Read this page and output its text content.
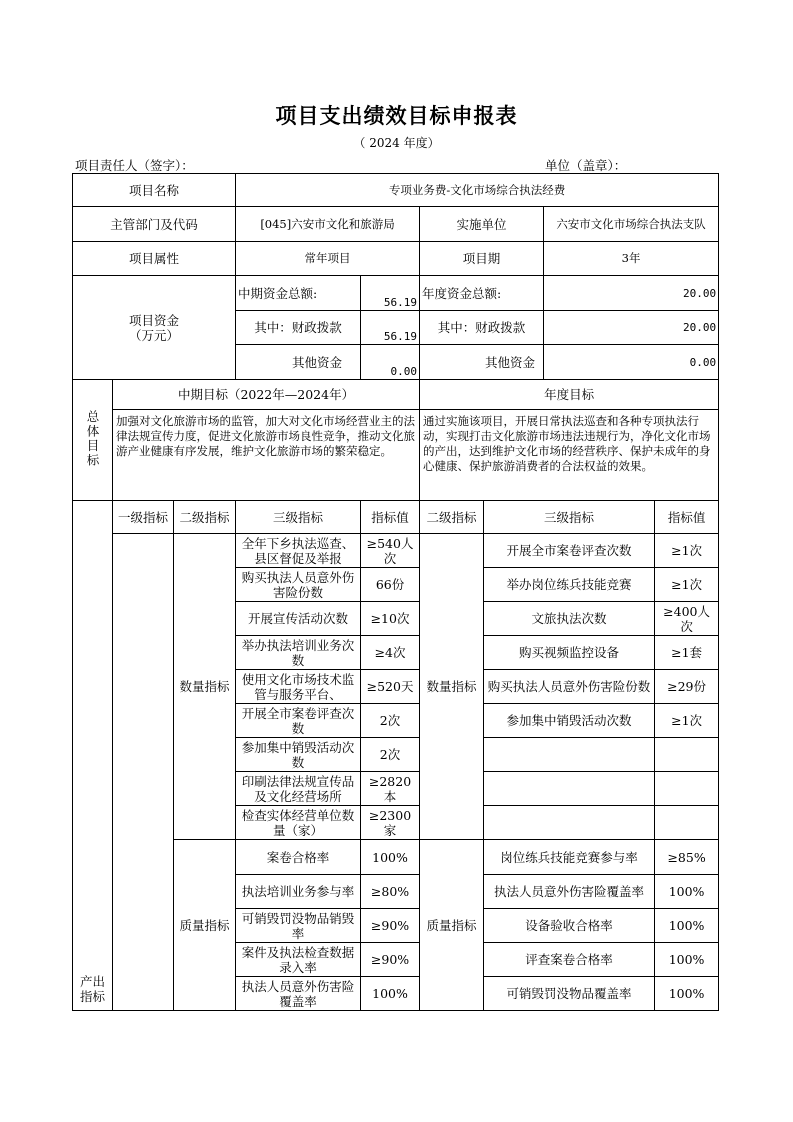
项目支出绩效目标申报表
（ 2024 年度）
项目责任人（签字）：	单位（盖章）：
项目名称			专项业务费-文化市场综合执法经费					
主管部门及代码			[045]六安市文化和旅游局		实施单位		六安市文化市场综合执法支队	
项目属性			常年项目		项目期		3年	
项目资金
（万元）			中期资金总额:	56.19	年度资金总额:		20.00	
			其中：财政拨款	56.19	其中：财政拨款		20.00	
			其他资金	0.00	其他资金		0.00	
总体目标	中期目标（2022年—2024年）				年度目标			
	加强对文化旅游市场的监管，加大对文化市场经营业主的法律法规宣传力度，促进文化旅游市场良性竞争，推动文化旅游产业健康有序发展，维护文化旅游市场的繁荣稳定。				通过实施该项目，开展日常执法巡查和各种专项执法行动，实现打击文化旅游市场违法违规行为，净化文化市场的产出，达到维护文化市场的经营秩序、保护未成年的身心健康、保护旅游消费者的合法权益的效果。			
产出指标	一级指标	二级指标	三级指标	指标值	二级指标	三级指标		指标值
		数量指标	全年下乡执法巡查、县区督促及举报	≥540人次	数量指标	开展全市案卷评查次数		≥1次
			购买执法人员意外伤害险份数	66份		举办岗位练兵技能竞赛		≥1次
			开展宣传活动次数	≥10次		文旅执法次数		≥400人次
			举办执法培训业务次数	≥4次		购买视频监控设备		≥1套
			使用文化市场技术监管与服务平台、	≥520天		购买执法人员意外伤害险份数		≥29份
			开展全市案卷评查次数	2次		参加集中销毁活动次数		≥1次
			参加集中销毁活动次数	2次				
			印刷法律法规宣传品及文化经营场所	≥2820本				
			检查实体经营单位数量（家）	≥2300家				
		质量指标	案卷合格率	100%	质量指标	岗位练兵技能竞赛参与率		≥85%
			执法培训业务参与率	≥80%		执法人员意外伤害险覆盖率		100%
			可销毁罚没物品销毁率	≥90%		设备验收合格率		100%
			案件及执法检查数据录入率	≥90%		评查案卷合格率		100%
			执法人员意外伤害险覆盖率	100%		可销毁罚没物品覆盖率		100%
